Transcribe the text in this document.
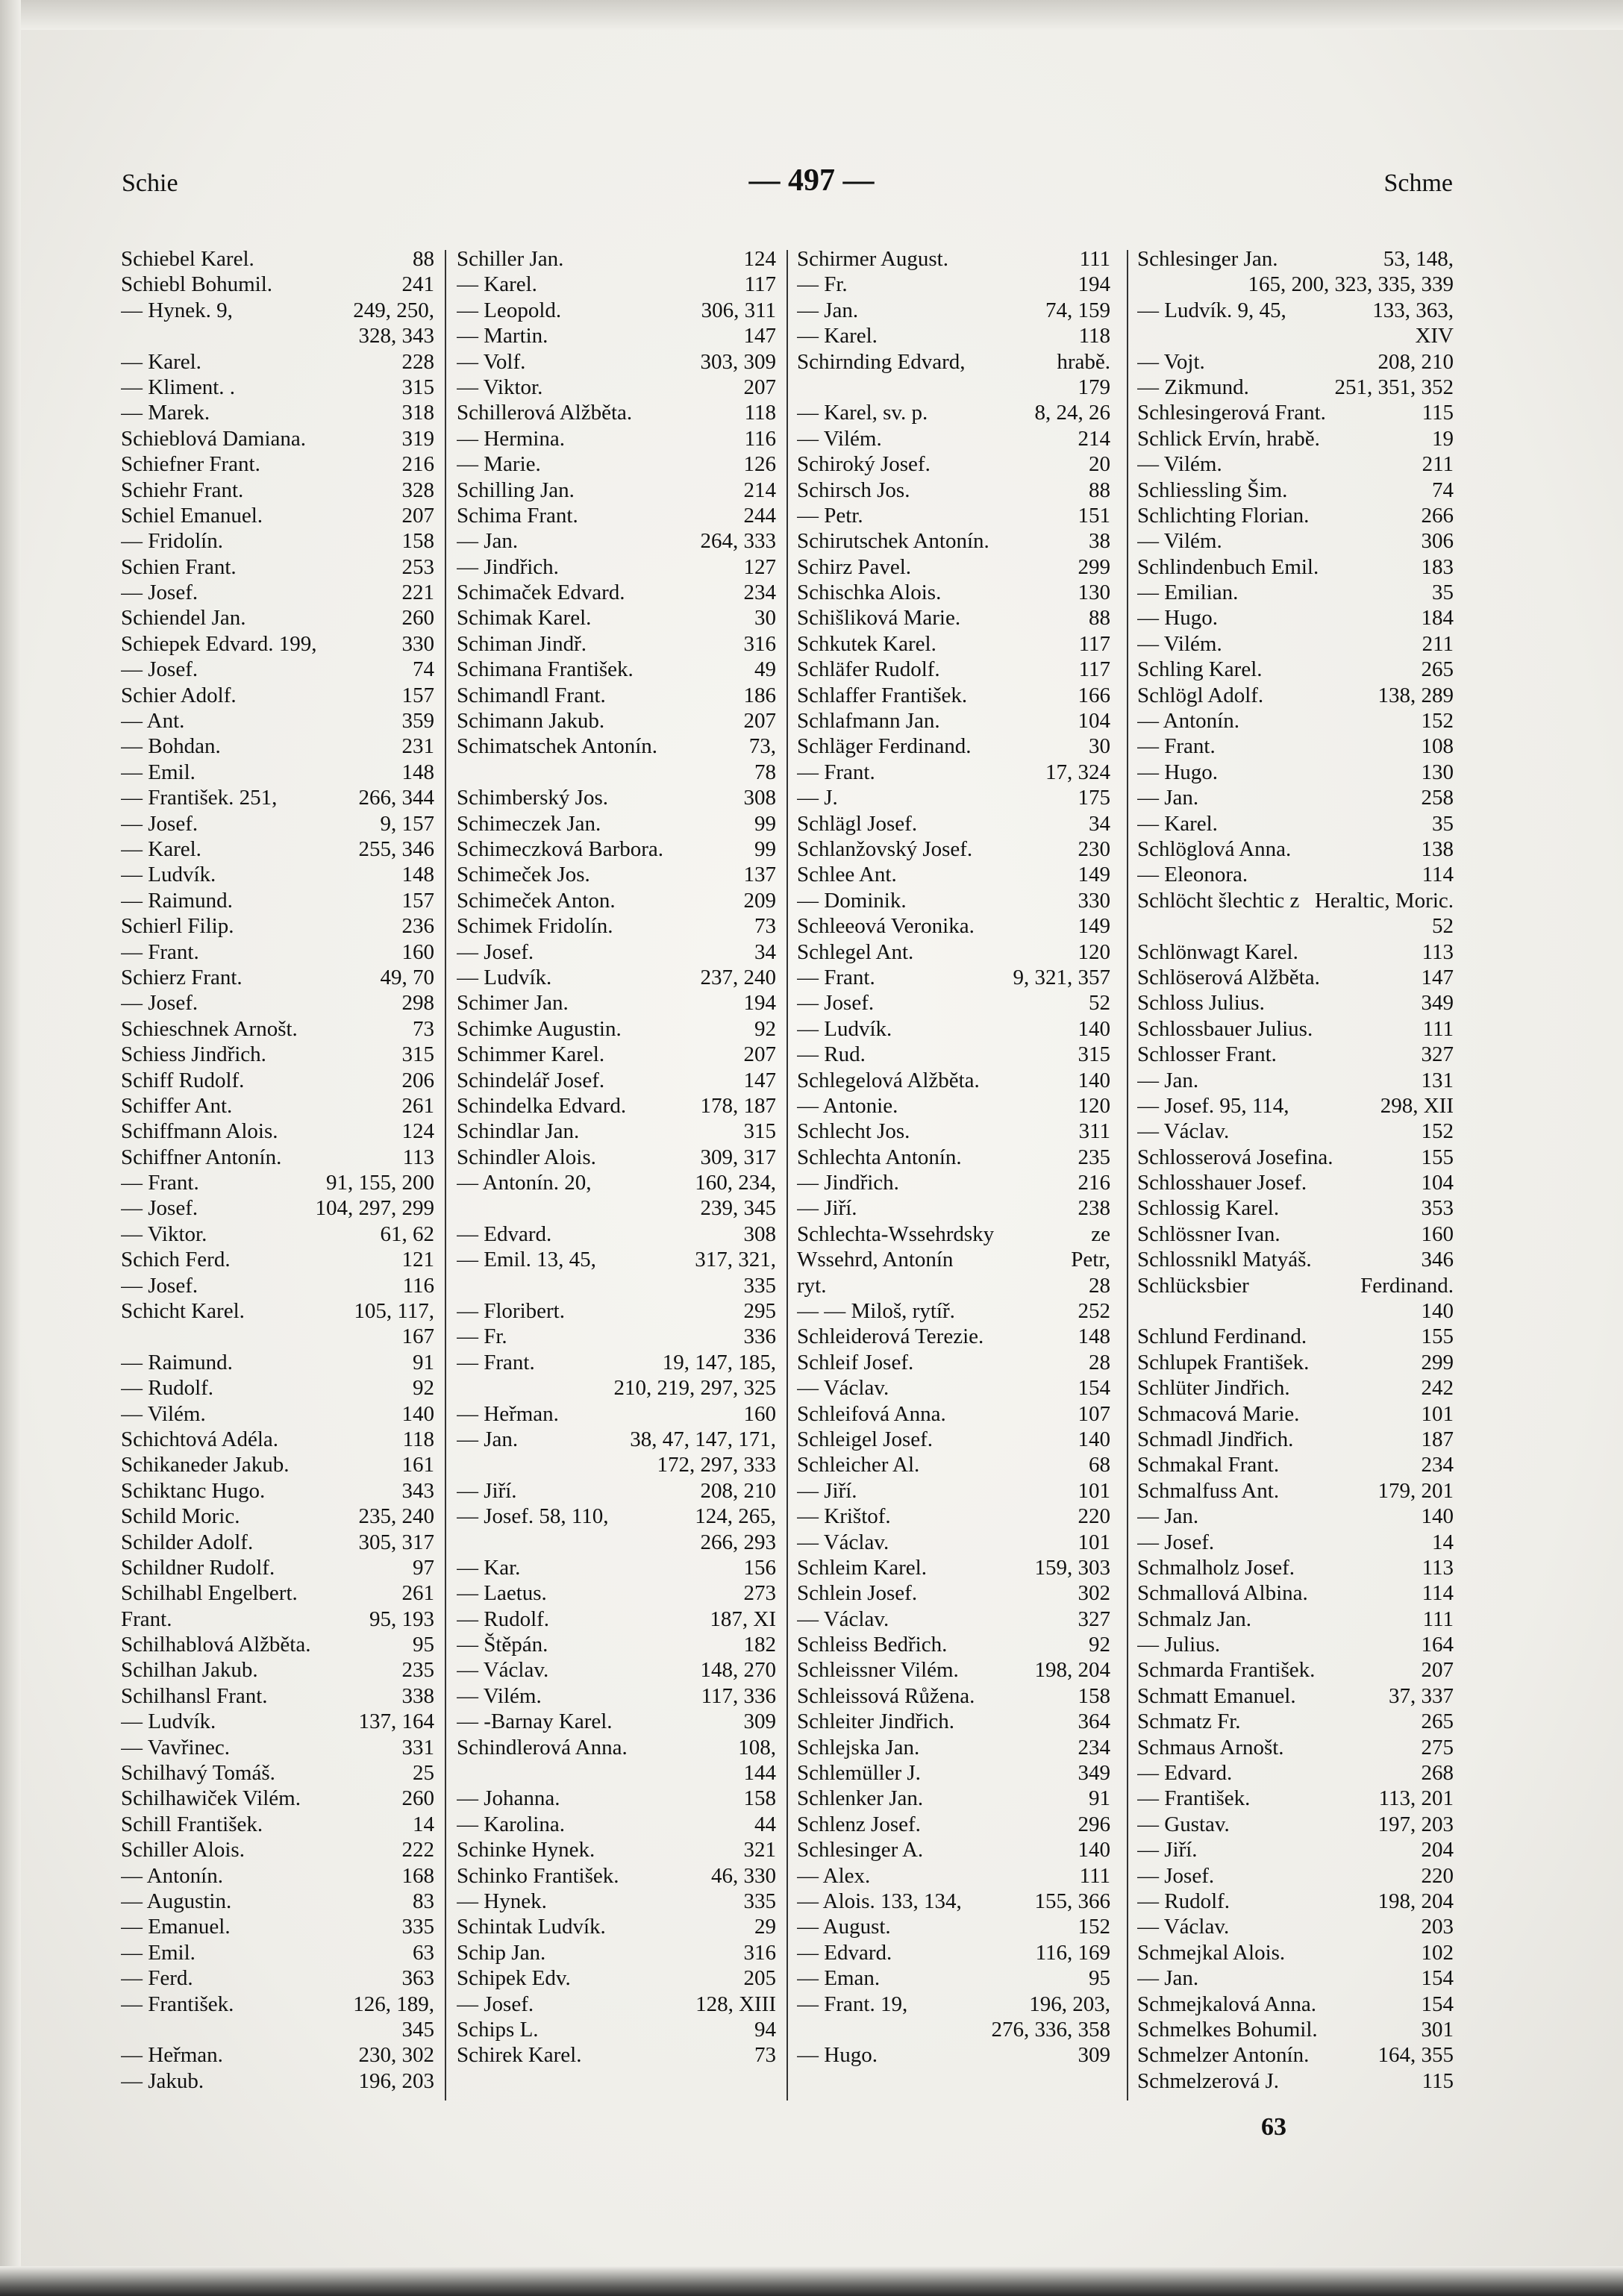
Schie	— 497 —	Schme
Schiebel Karel.	88
Schiebl Bohumil.	241
— Hynek. 9,	249, 250,
328, 343
— Karel.	228
— Kliment. .	315
— Marek.	318
Schieblová Damiana.	319
Schiefner Frant.	216
Schiehr Frant.	328
Schiel Emanuel.	207
— Fridolín.	158
Schien Frant.	253
— Josef.	221
Schiendel Jan.	260
Schiepek Edvard. 199,	330
— Josef.	74
Schier Adolf.	157
— Ant.	359
— Bohdan.	231
— Emil.	148
— František. 251,	266, 344
— Josef.	9, 157
— Karel.	255, 346
— Ludvík.	148
— Raimund.	157
Schierl Filip.	236
— Frant.	160
Schierz Frant.	49, 70
— Josef.	298
Schieschnek Arnošt.	73
Schiess Jindřich.	315
Schiff Rudolf.	206
Schiffer Ant.	261
Schiffmann Alois.	124
Schiffner Antonín.	113
— Frant.	91, 155, 200
— Josef.	104, 297, 299
— Viktor.	61, 62
Schich Ferd.	121
— Josef.	116
Schicht Karel.	105, 117,
167
— Raimund.	91
— Rudolf.	92
— Vilém.	140
Schichtová Adéla.	118
Schikaneder Jakub.	161
Schiktanc Hugo.	343
Schild Moric.	235, 240
Schilder Adolf.	305, 317
Schildner Rudolf.	97
Schilhabl Engelbert.	261
Frant.	95, 193
Schilhablová Alžběta.	95
Schilhan Jakub.	235
Schilhansl Frant.	338
— Ludvík.	137, 164
— Vavřinec.	331
Schilhavý Tomáš.	25
Schilhawiček Vilém.	260
Schill František.	14
Schiller Alois.	222
— Antonín.	168
— Augustin.	83
— Emanuel.	335
— Emil.	63
— Ferd.	363
— František.	126, 189,
345
— Heřman.	230, 302
— Jakub.	196, 203
Schiller Jan.	124
— Karel.	117
— Leopold.	306, 311
— Martin.	147
— Volf.	303, 309
— Viktor.	207
Schillerová Alžběta.	118
— Hermina.	116
— Marie.	126
Schilling Jan.	214
Schima Frant.	244
— Jan.	264, 333
— Jindřich.	127
Schimaček Edvard.	234
Schimak Karel.	30
Schiman Jindř.	316
Schimana František.	49
Schimandl Frant.	186
Schimann Jakub.	207
Schimatschek Antonín.	73,
78
Schimberský Jos.	308
Schimeczek Jan.	99
Schimeczková Barbora.	99
Schimeček Jos.	137
Schimeček Anton.	209
Schimek Fridolín.	73
— Josef.	34
— Ludvík.	237, 240
Schimer Jan.	194
Schimke Augustin.	92
Schimmer Karel.	207
Schindelář Josef.	147
Schindelka Edvard.	178, 187
Schindlar Jan.	315
Schindler Alois.	309, 317
— Antonín. 20,	160, 234,
239, 345
— Edvard.	308
— Emil. 13, 45,	317, 321,
335
— Floribert.	295
— Fr.	336
— Frant.	19, 147, 185,
210, 219, 297, 325
— Heřman.	160
— Jan.	38, 47, 147, 171,
172, 297, 333
— Jiří.	208, 210
— Josef. 58, 110,	124, 265,
266, 293
— Kar.	156
— Laetus.	273
— Rudolf.	187, XI
— Štěpán.	182
— Václav.	148, 270
— Vilém.	117, 336
— -Barnay Karel.	309
Schindlerová Anna.	108,
144
— Johanna.	158
— Karolina.	44
Schinke Hynek.	321
Schinko František.	46, 330
— Hynek.	335
Schintak Ludvík.	29
Schip Jan.	316
Schipek Edv.	205
— Josef.	128, XIII
Schips L.	94
Schirek Karel.	73
Schirmer August.	111
— Fr.	194
— Jan.	74, 159
— Karel.	118
Schirnding Edvard,	hrabě.
179
— Karel, sv. p.	8, 24, 26
— Vilém.	214
Schiroký Josef.	20
Schirsch Jos.	88
— Petr.	151
Schirutschek Antonín.	38
Schirz Pavel.	299
Schischka Alois.	130
Schišliková Marie.	88
Schkutek Karel.	117
Schläfer Rudolf.	117
Schlaffer František.	166
Schlafmann Jan.	104
Schläger Ferdinand.	30
— Frant.	17, 324
— J.	175
Schlägl Josef.	34
Schlanžovský Josef.	230
Schlee Ant.	149
— Dominik.	330
Schleeová Veronika.	149
Schlegel Ant.	120
— Frant.	9, 321, 357
— Josef.	52
— Ludvík.	140
— Rud.	315
Schlegelová Alžběta.	140
— Antonie.	120
Schlecht Jos.	311
Schlechta Antonín.	235
— Jindřich.	216
— Jiří.	238
Schlechta-Wssehrdsky	ze
Wssehrd, Antonín	Petr,
ryt.	28
— — Miloš, rytíř.	252
Schleiderová Terezie.	148
Schleif Josef.	28
— Václav.	154
Schleifová Anna.	107
Schleigel Josef.	140
Schleicher Al.	68
— Jiří.	101
— Krištof.	220
— Václav.	101
Schleim Karel.	159, 303
Schlein Josef.	302
— Václav.	327
Schleiss Bedřich.	92
Schleissner Vilém.	198, 204
Schleissová Růžena.	158
Schleiter Jindřich.	364
Schlejska Jan.	234
Schlemüller J.	349
Schlenker Jan.	91
Schlenz Josef.	296
Schlesinger A.	140
— Alex.	111
— Alois. 133, 134,	155, 366
— August.	152
— Edvard.	116, 169
— Eman.	95
— Frant. 19,	196, 203,
276, 336, 358
— Hugo.	309
Schlesinger Jan.	53, 148,
165, 200, 323, 335, 339
— Ludvík. 9, 45,	133, 363,
XIV
— Vojt.	208, 210
— Zikmund.	251, 351, 352
Schlesingerová Frant.	115
Schlick Ervín, hrabě.	19
— Vilém.	211
Schliessling Šim.	74
Schlichting Florian.	266
— Vilém.	306
Schlindenbuch Emil.	183
— Emilian.	35
— Hugo.	184
— Vilém.	211
Schling Karel.	265
Schlögl Adolf.	138, 289
— Antonín.	152
— Frant.	108
— Hugo.	130
— Jan.	258
— Karel.	35
Schlöglová Anna.	138
— Eleonora.	114
Schlöcht šlechtic z Heraltic, Moric.
52
Schlönwagt Karel.	113
Schlöserová Alžběta.	147
Schloss Julius.	349
Schlossbauer Julius.	111
Schlosser Frant.	327
— Jan.	131
— Josef. 95, 114,	298, XII
— Václav.	152
Schlosserová Josefina.	155
Schlosshauer Josef.	104
Schlossig Karel.	353
Schlössner Ivan.	160
Schlossnikl Matyáš.	346
Schlücksbier	Ferdinand.
140
Schlund Ferdinand.	155
Schlupek František.	299
Schlüter Jindřich.	242
Schmacová Marie.	101
Schmadl Jindřich.	187
Schmakal Frant.	234
Schmalfuss Ant.	179, 201
— Jan.	140
— Josef.	14
Schmalholz Josef.	113
Schmallová Albina.	114
Schmalz Jan.	111
— Julius.	164
Schmarda František.	207
Schmatt Emanuel.	37, 337
Schmatz Fr.	265
Schmaus Arnošt.	275
— Edvard.	268
— František.	113, 201
— Gustav.	197, 203
— Jiří.	204
— Josef.	220
— Rudolf.	198, 204
— Václav.	203
Schmejkal Alois.	102
— Jan.	154
Schmejkalová Anna.	154
Schmelkes Bohumil.	301
Schmelzer Antonín.	164, 355
Schmelzerová J.	115
63
